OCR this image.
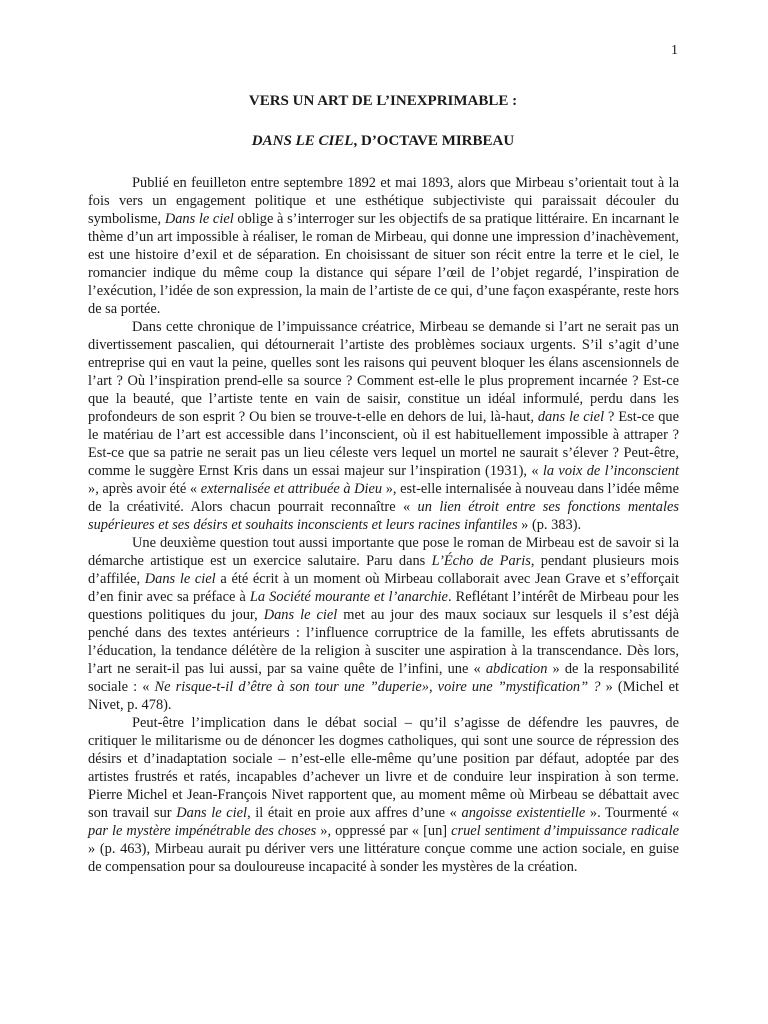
1
VERS UN ART DE L’INEXPRIMABLE :
DANS LE CIEL, D’OCTAVE MIRBEAU

Publié en feuilleton entre septembre 1892 et mai 1893, alors que Mirbeau s’orientait tout à la fois vers un engagement politique et une esthétique subjectiviste qui paraissait découler du symbolisme, Dans le ciel oblige à s’interroger sur les objectifs de sa pratique littéraire. En incarnant le thème d’un art impossible à réaliser, le roman de Mirbeau, qui donne une impression d’inachèvement, est une histoire d’exil et de séparation. En choisissant de situer son récit entre la terre et le ciel, le romancier indique du même coup la distance qui sépare l’œil de l’objet regardé, l’inspiration de l’exécution, l’idée de son expression, la main de l’artiste de ce qui, d’une façon exaspérante, reste hors de sa portée.

Dans cette chronique de l’impuissance créatrice, Mirbeau se demande si l’art ne serait pas un divertissement pascalien, qui détournerait l’artiste des problèmes sociaux urgents. S’il s’agit d’une entreprise qui en vaut la peine, quelles sont les raisons qui peuvent bloquer les élans ascensionnels de l’art ? Où l’inspiration prend-elle sa source ? Comment est-elle le plus proprement incarnée ? Est-ce que la beauté, que l’artiste tente en vain de saisir, constitue un idéal informulé, perdu dans les profondeurs de son esprit ? Ou bien se trouve-t-elle en dehors de lui, là-haut, dans le ciel ? Est-ce que le matériau de l’art est accessible dans l’inconscient, où il est habituellement impossible à attraper ? Est-ce que sa patrie ne serait pas un lieu céleste vers lequel un mortel ne saurait s’élever ? Peut-être, comme le suggère Ernst Kris dans un essai majeur sur l’inspiration (1931), « la voix de l’inconscient », après avoir été « externalisée et attribuée à Dieu », est-elle internalisée à nouveau dans l’idée même de la créativité. Alors chacun pourrait reconnaître « un lien étroit entre ses fonctions mentales supérieures et ses désirs et souhaits inconscients et leurs racines infantiles » (p. 383).

Une deuxième question tout aussi importante que pose le roman de Mirbeau est de savoir si la démarche artistique est un exercice salutaire. Paru dans L’Écho de Paris, pendant plusieurs mois d’affilée, Dans le ciel a été écrit à un moment où Mirbeau collaborait avec Jean Grave et s’efforçait d’en finir avec sa préface à La Société mourante et l’anarchie. Reflétant l’intérêt de Mirbeau pour les questions politiques du jour, Dans le ciel met au jour des maux sociaux sur lesquels il s’est déjà penché dans des textes antérieurs : l’influence corruptrice de la famille, les effets abrutissants de l’éducation, la tendance délétère de la religion à susciter une aspiration à la transcendance. Dès lors, l’art ne serait-il pas lui aussi, par sa vaine quête de l’infini, une « abdication » de la responsabilité sociale : « Ne risque-t-il d’être à son tour une ”duperie», voire une ”mystification” ? » (Michel et Nivet, p. 478).

Peut-être l’implication dans le débat social – qu’il s’agisse de défendre les pauvres, de critiquer le militarisme ou de dénoncer les dogmes catholiques, qui sont une source de répression des désirs et d’inadaptation sociale – n’est-elle elle-même qu’une position par défaut, adoptée par des artistes frustrés et ratés, incapables d’achever un livre et de conduire leur inspiration à son terme. Pierre Michel et Jean-François Nivet rapportent que, au moment même où Mirbeau se débattait avec son travail sur Dans le ciel, il était en proie aux affres d’une « angoisse existentielle ». Tourmenté « par le mystère impénétrable des choses », oppressé par « [un] cruel sentiment d’impuissance radicale » (p. 463), Mirbeau aurait pu dériver vers une littérature conçue comme une action sociale, en guise de compensation pour sa douloureuse incapacité à sonder les mystères de la création.
